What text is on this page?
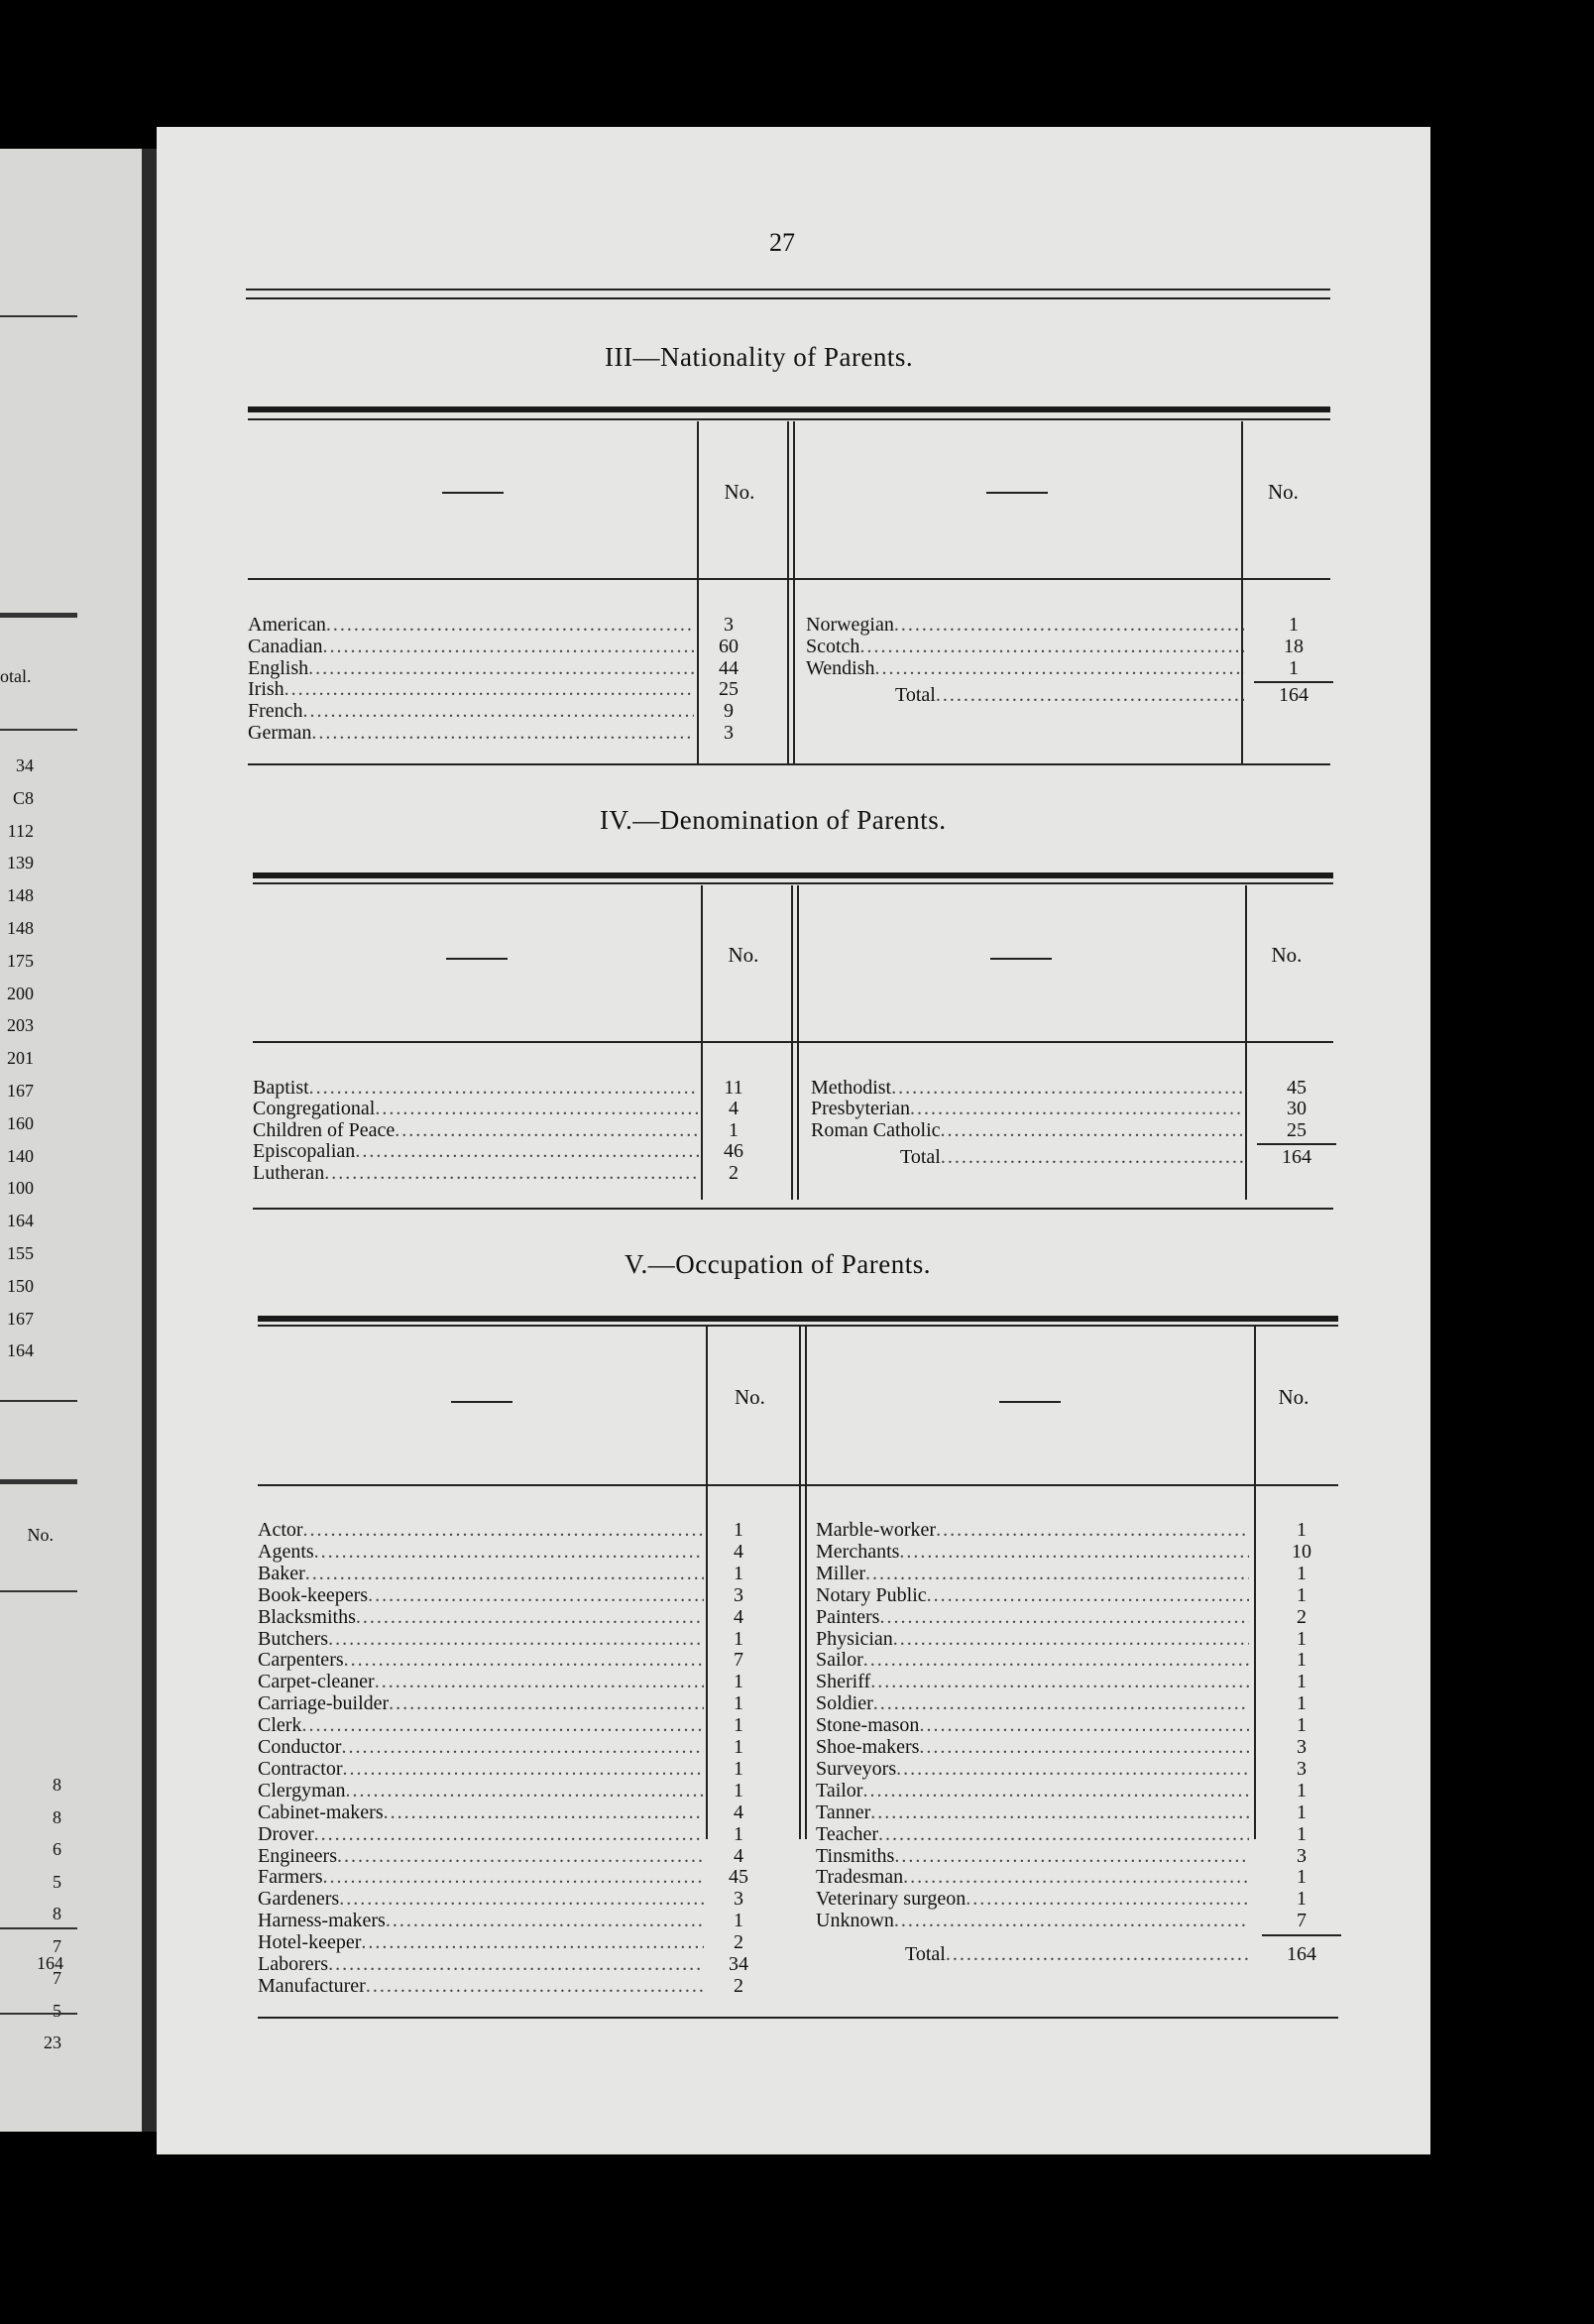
otal.
34
C8
112
139
148
148
175
200
203
201
167
160
140
100
164
155
150
167
164
No.
8
8
6
5
8
7
7
5
23
164
27
III—Nationality of Parents.
No.	No.
American .....	3
Canadian .....	60
English .....	44
Irish .....	25
French .....	9
German .....	3
Norwegian .....	1
Scotch .....	18
Wendish .....	1
Total .....	164
IV.—Denomination of Parents.
No.	No.
Baptist .....	11
Congregational .....	4
Children of Peace .....	1
Episcopalian .....	46
Lutheran .....	2
Methodist .....	45
Presbyterian .....	30
Roman Catholic .....	25
Total .....	164
V.—Occupation of Parents.
No.	No.
Actor .....	1
Agents .....	4
Baker .....	1
Book-keepers .....	3
Blacksmiths .....	4
Butchers .....	1
Carpenters .....	7
Carpet-cleaner .....	1
Carriage-builder .....	1
Clerk .....	1
Conductor .....	1
Contractor .....	1
Clergyman .....	1
Cabinet-makers .....	4
Drover .....	1
Engineers .....	4
Farmers .....	45
Gardeners .....	3
Harness-makers .....	1
Hotel-keeper .....	2
Laborers .....	34
Manufacturer .....	2
Marble-worker .....	1
Merchants .....	10
Miller .....	1
Notary Public .....	1
Painters .....	2
Physician .....	1
Sailor .....	1
Sheriff .....	1
Soldier .....	1
Stone-mason .....	1
Shoe-makers .....	3
Surveyors .....	3
Tailor .....	1
Tanner .....	1
Teacher .....	1
Tinsmiths .....	3
Tradesman .....	1
Veterinary surgeon .....	1
Unknown .....	7
Total .....	164
